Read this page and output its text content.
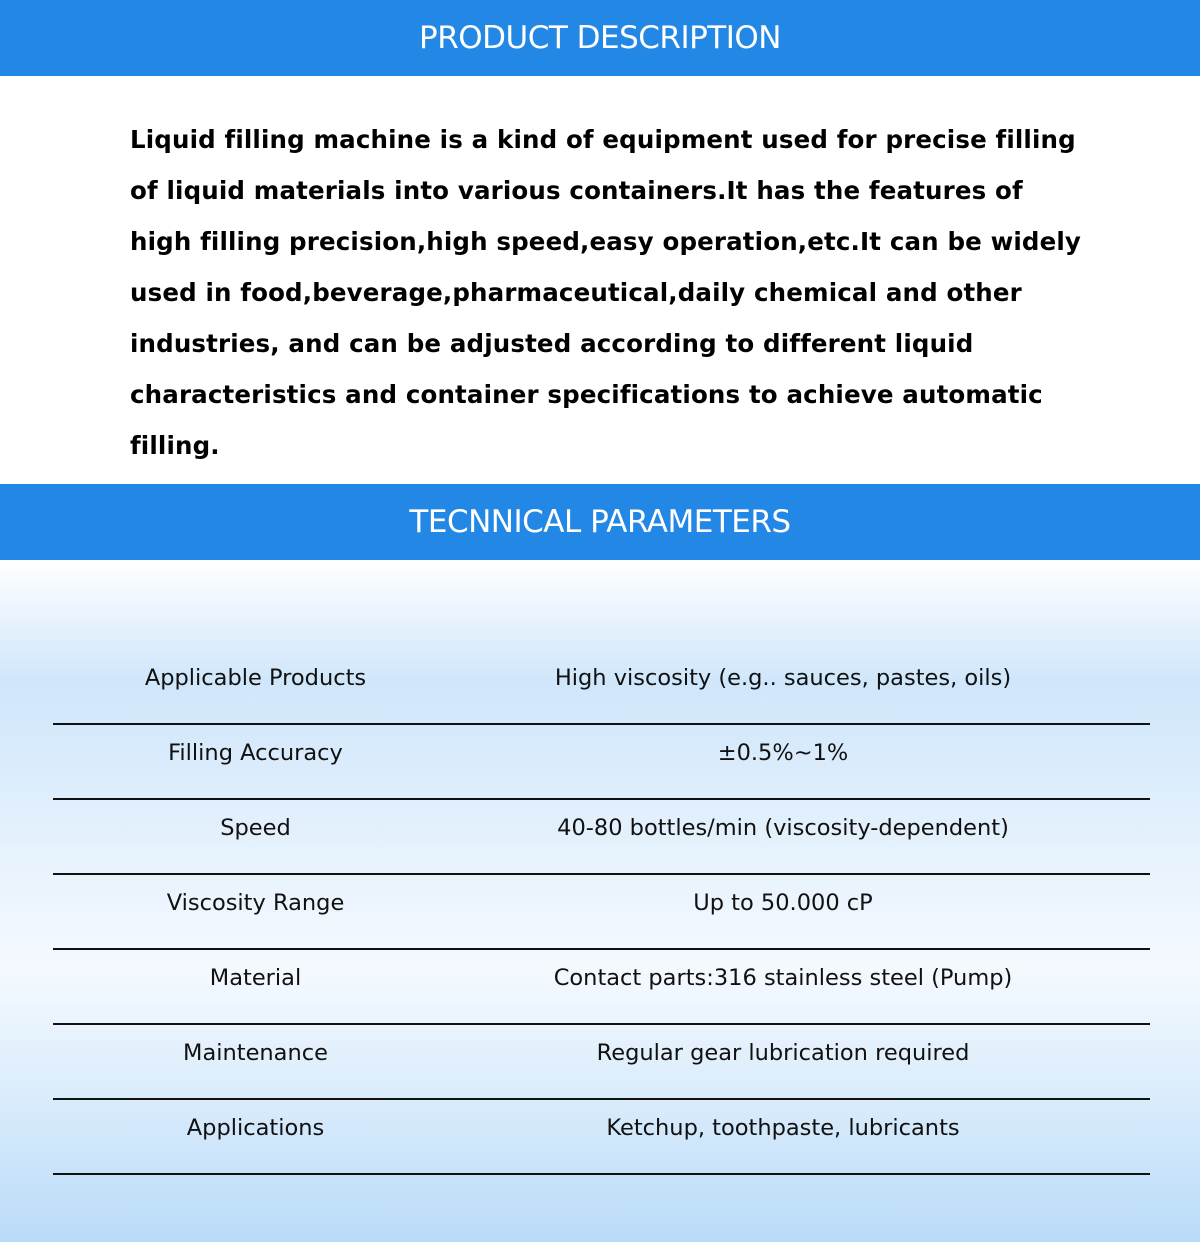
PRODUCT DESCRIPTION

Liquid filling machine is a kind of equipment used for precise filling of liquid materials into various containers.It has the features of high filling precision,high speed,easy operation,etc.It can be widely used in food,beverage,pharmaceutical,daily chemical and other industries, and can be adjusted according to different liquid characteristics and container specifications to achieve automatic filling.

TECNNICAL PARAMETERS
Applicable Products	High viscosity (e.g.. sauces, pastes, oils)
Filling Accuracy	±0.5%~1%
Speed	40-80 bottles/min (viscosity-dependent)
Viscosity Range	Up to 50.000 cP
Material	Contact parts:316 stainless steel (Pump)
Maintenance	Regular gear lubrication required
Applications	Ketchup, toothpaste, lubricants
